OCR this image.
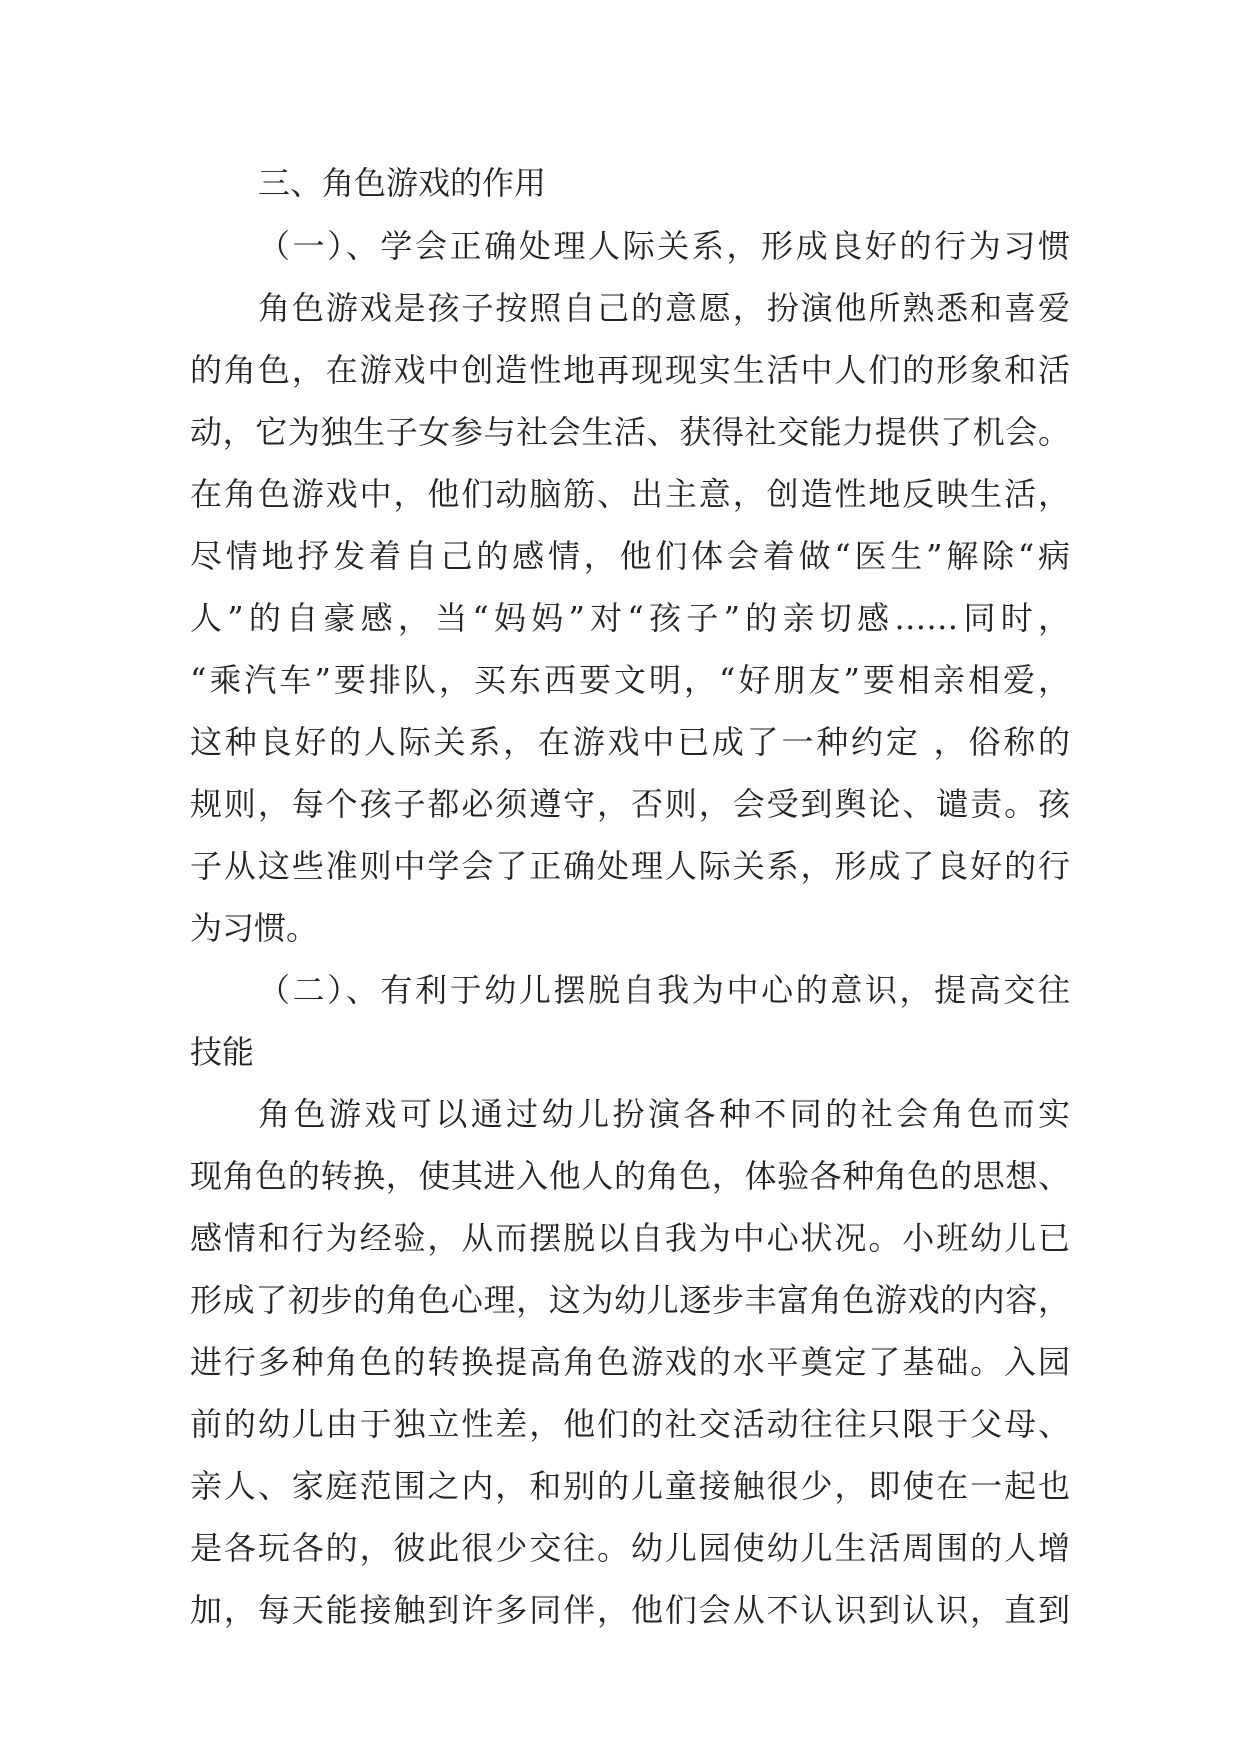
三、角色游戏的作用
（一）、学会正确处理人际关系，形成良好的行为习惯
角色游戏是孩子按照自己的意愿，扮演他所熟悉和喜爱
的角色，在游戏中创造性地再现现实生活中人们的形象和活
动，它为独生子女参与社会生活、获得社交能力提供了机会。
在角色游戏中，他们动脑筋、出主意，创造性地反映生活，
尽情地抒发着自己的感情，他们体会着做“医生”解除“病
人”的自豪感，当“妈妈”对“孩子”的亲切感……同时，
“乘汽车”要排队，买东西要文明，“好朋友”要相亲相爱，
这种良好的人际关系，在游戏中已成了一种约定 ，俗称的
规则，每个孩子都必须遵守，否则，会受到舆论、谴责。孩
子从这些准则中学会了正确处理人际关系，形成了良好的行
为习惯。
（二）、有利于幼儿摆脱自我为中心的意识，提高交往
技能
角色游戏可以通过幼儿扮演各种不同的社会角色而实
现角色的转换，使其进入他人的角色，体验各种角色的思想、
感情和行为经验，从而摆脱以自我为中心状况。小班幼儿已
形成了初步的角色心理，这为幼儿逐步丰富角色游戏的内容，
进行多种角色的转换提高角色游戏的水平奠定了基础。入园
前的幼儿由于独立性差，他们的社交活动往往只限于父母、
亲人、家庭范围之内，和别的儿童接触很少，即使在一起也
是各玩各的，彼此很少交往。幼儿园使幼儿生活周围的人增
加，每天能接触到许多同伴，他们会从不认识到认识，直到
